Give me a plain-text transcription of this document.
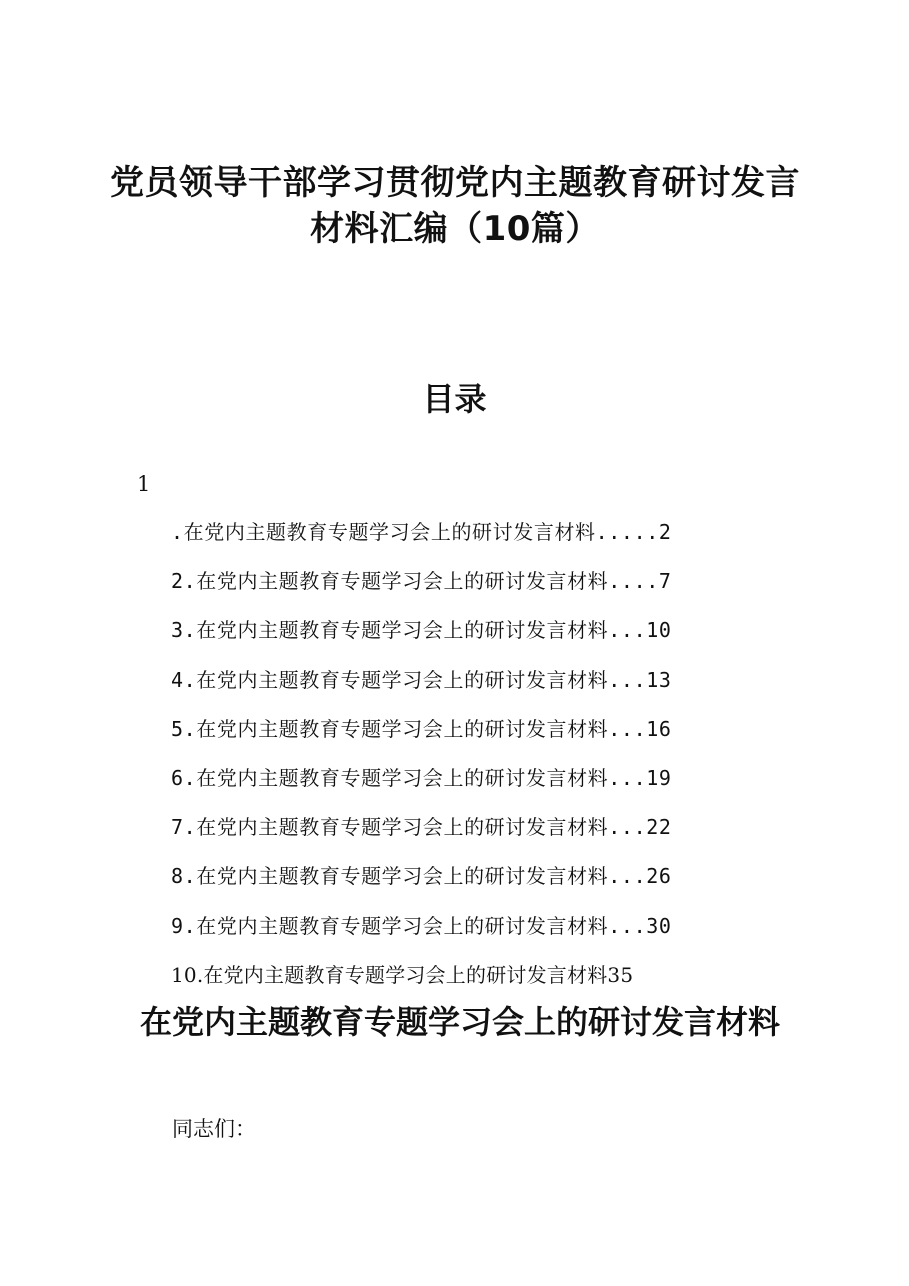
党员领导干部学习贯彻党内主题教育研讨发言
材料汇编（10篇）
目录
1
.在党内主题教育专题学习会上的研讨发言材料.....2
2.在党内主题教育专题学习会上的研讨发言材料....7
3.在党内主题教育专题学习会上的研讨发言材料...10
4.在党内主题教育专题学习会上的研讨发言材料...13
5.在党内主题教育专题学习会上的研讨发言材料...16
6.在党内主题教育专题学习会上的研讨发言材料...19
7.在党内主题教育专题学习会上的研讨发言材料...22
8.在党内主题教育专题学习会上的研讨发言材料...26
9.在党内主题教育专题学习会上的研讨发言材料...30
10.在党内主题教育专题学习会上的研讨发言材料35
在党内主题教育专题学习会上的研讨发言材料

同志们：
